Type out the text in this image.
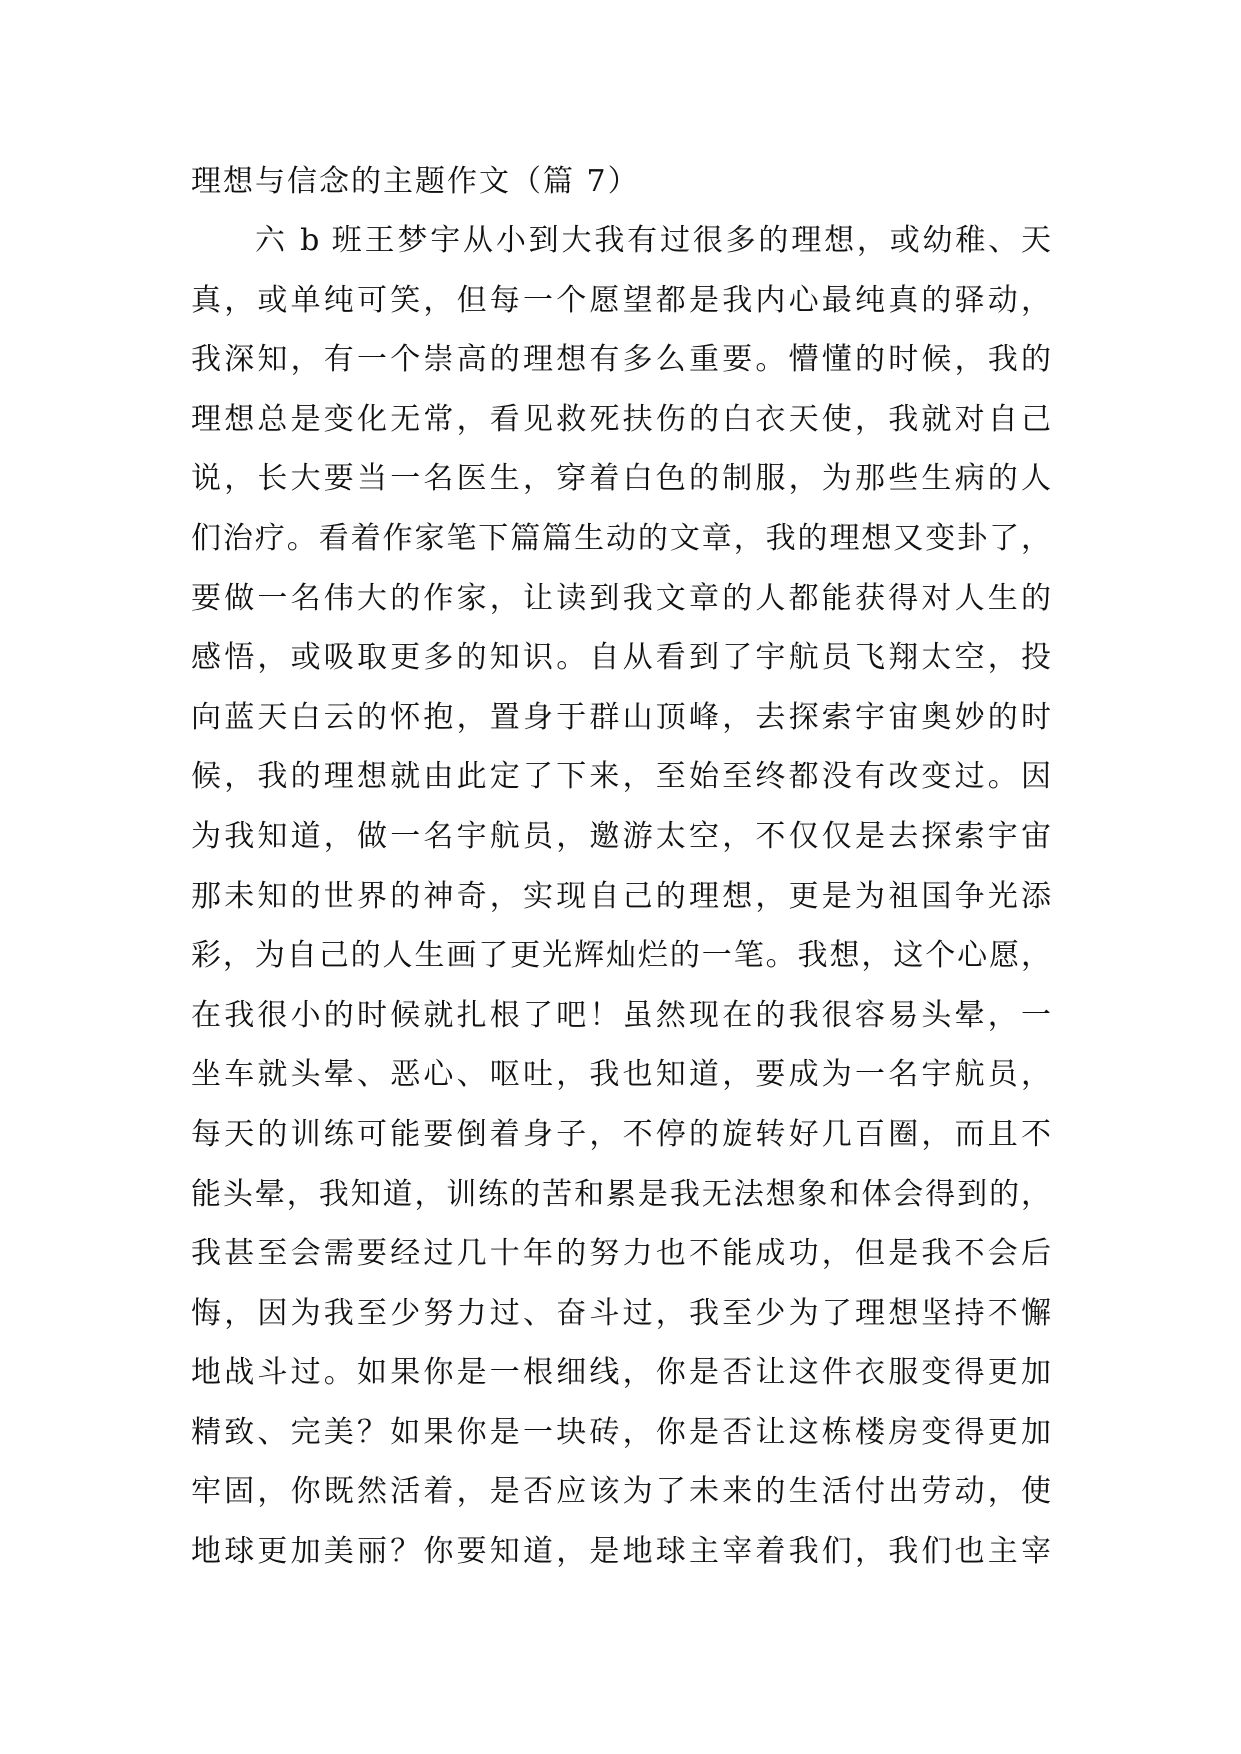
理想与信念的主题作文（篇 7）
六 b 班王梦宇从小到大我有过很多的理想，或幼稚、天
真，或单纯可笑，但每一个愿望都是我内心最纯真的驿动，
我深知，有一个崇高的理想有多么重要。懵懂的时候，我的
理想总是变化无常，看见救死扶伤的白衣天使，我就对自己
说，长大要当一名医生，穿着白色的制服，为那些生病的人
们治疗。看着作家笔下篇篇生动的文章，我的理想又变卦了，
要做一名伟大的作家，让读到我文章的人都能获得对人生的
感悟，或吸取更多的知识。自从看到了宇航员飞翔太空，投
向蓝天白云的怀抱，置身于群山顶峰，去探索宇宙奥妙的时
候，我的理想就由此定了下来，至始至终都没有改变过。因
为我知道，做一名宇航员，邀游太空，不仅仅是去探索宇宙
那未知的世界的神奇，实现自己的理想，更是为祖国争光添
彩，为自己的人生画了更光辉灿烂的一笔。我想，这个心愿，
在我很小的时候就扎根了吧！虽然现在的我很容易头晕，一
坐车就头晕、恶心、呕吐，我也知道，要成为一名宇航员，
每天的训练可能要倒着身子，不停的旋转好几百圈，而且不
能头晕，我知道，训练的苦和累是我无法想象和体会得到的，
我甚至会需要经过几十年的努力也不能成功，但是我不会后
悔，因为我至少努力过、奋斗过，我至少为了理想坚持不懈
地战斗过。如果你是一根细线，你是否让这件衣服变得更加
精致、完美？如果你是一块砖，你是否让这栋楼房变得更加
牢固，你既然活着，是否应该为了未来的生活付出劳动，使
地球更加美丽？你要知道，是地球主宰着我们，我们也主宰
